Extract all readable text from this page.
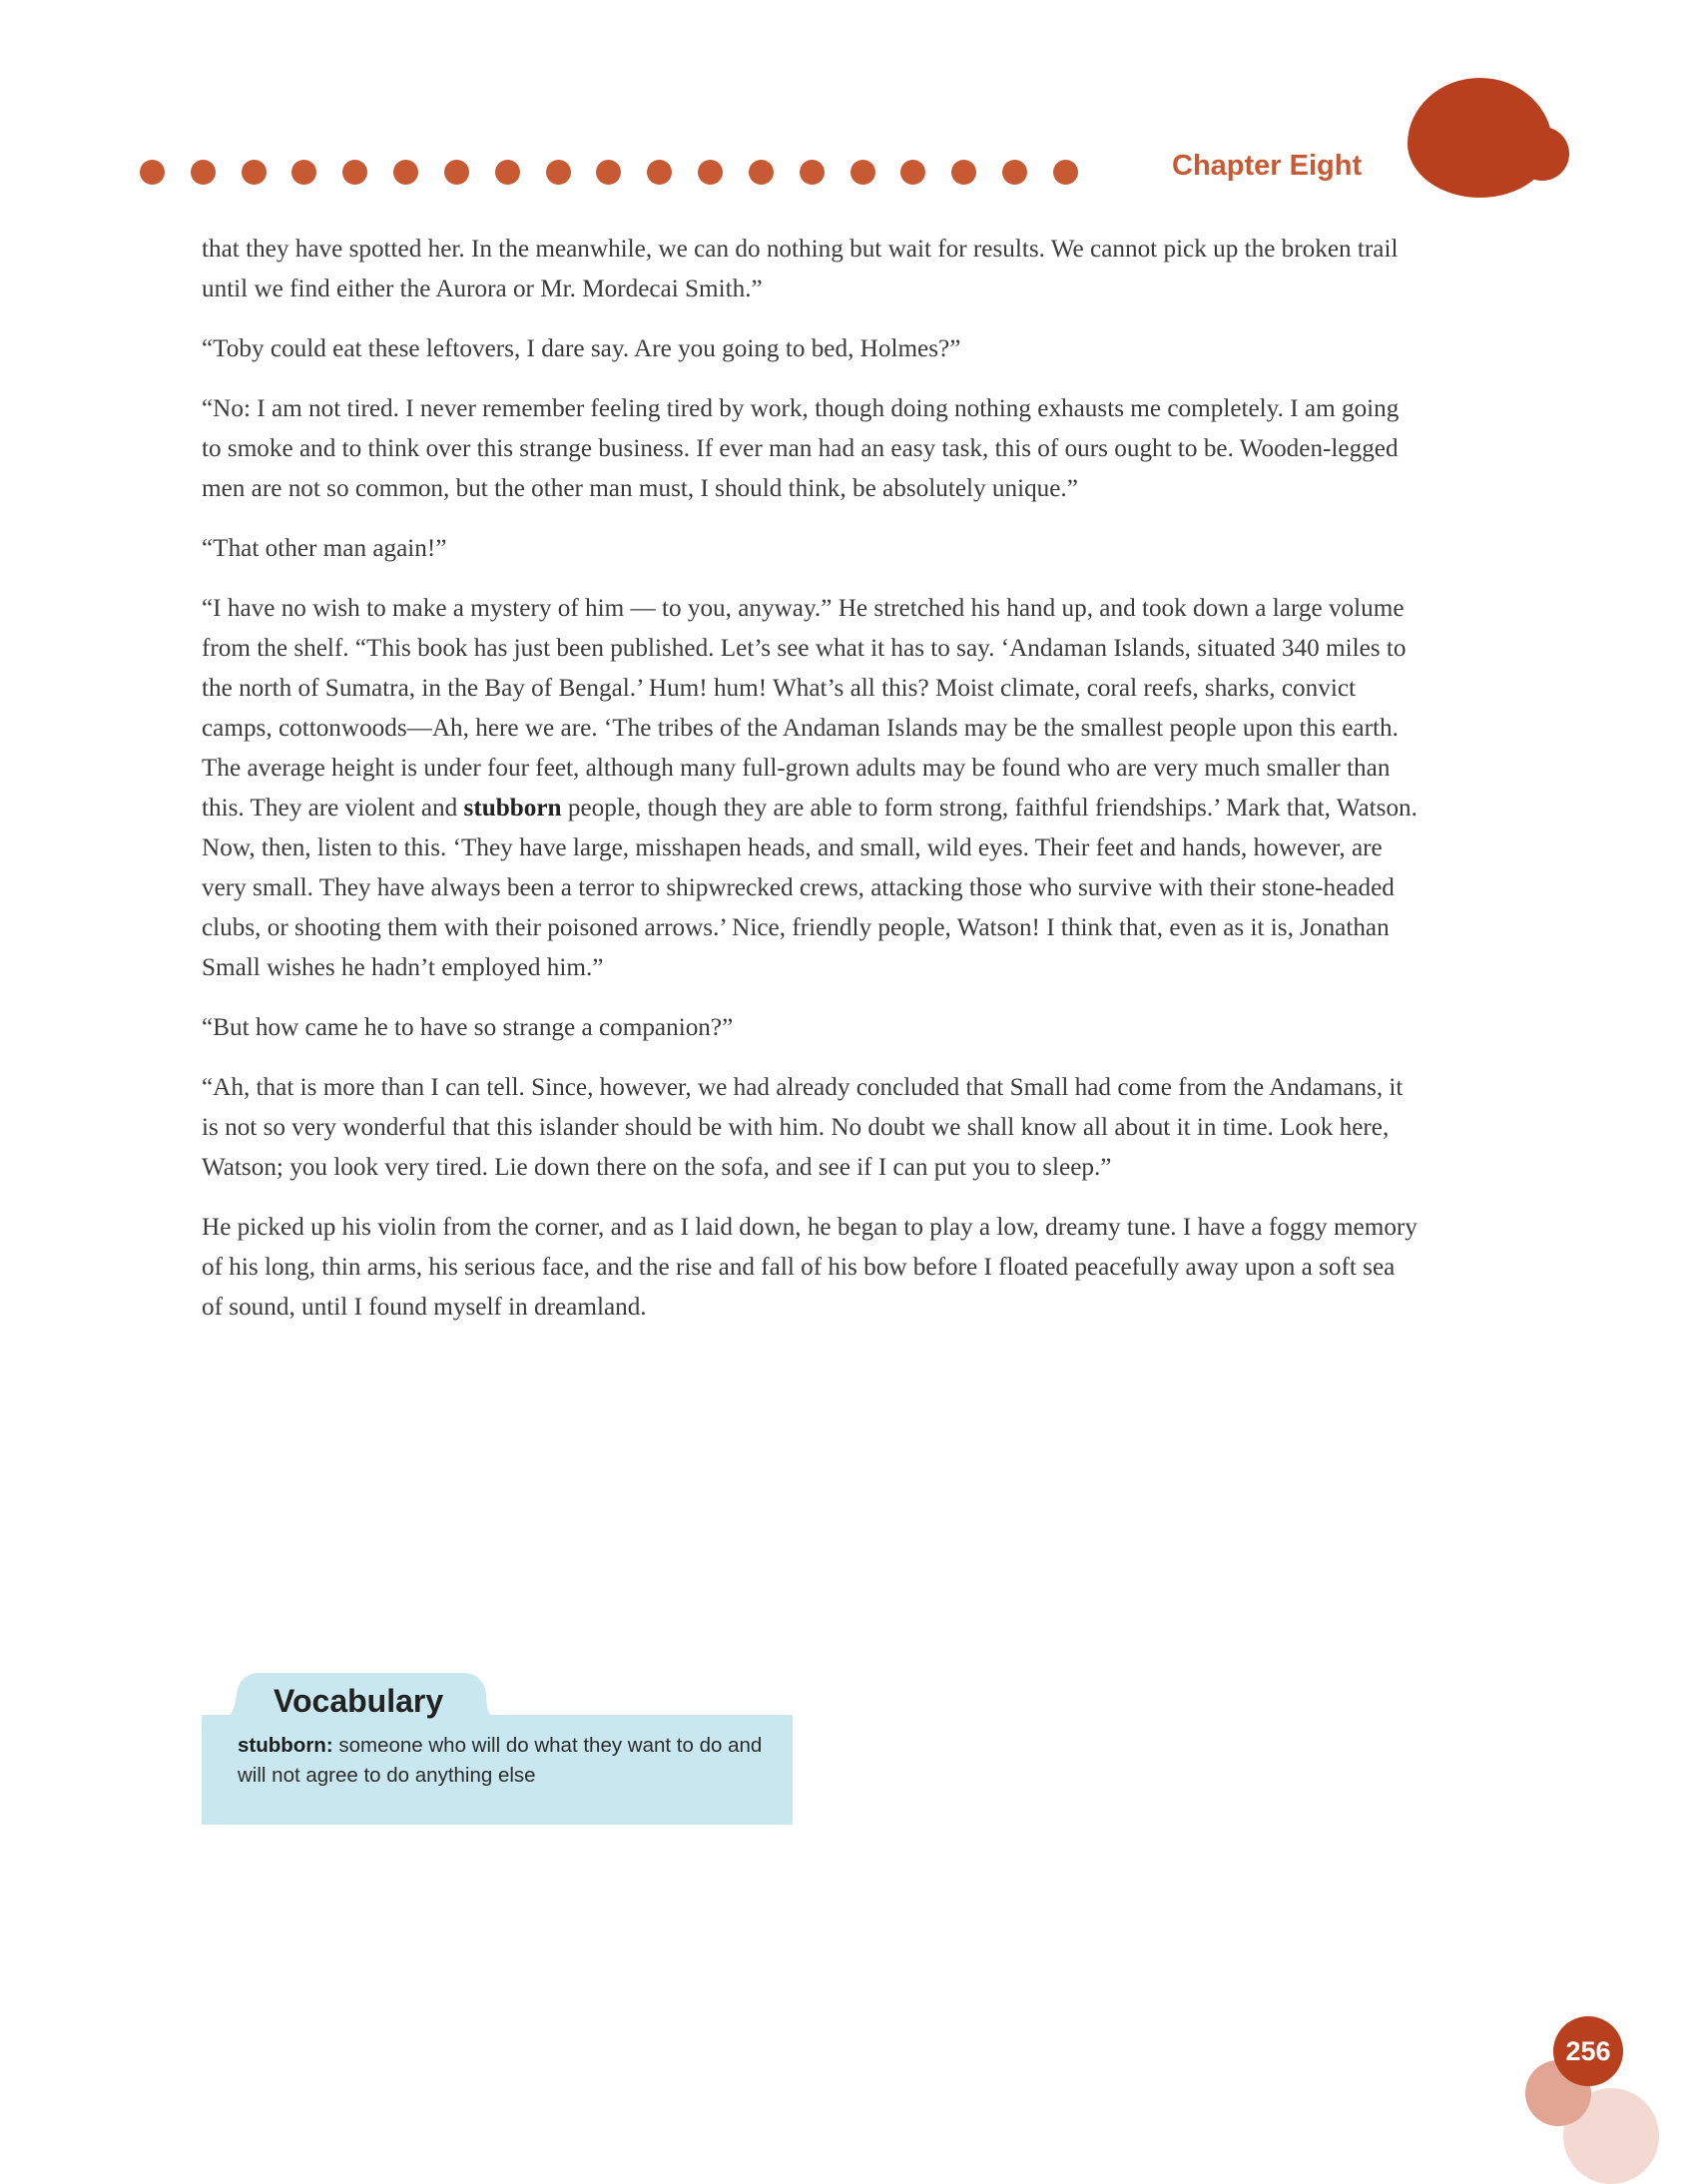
Chapter Eight

that they have spotted her. In the meanwhile, we can do nothing but wait for results. We cannot pick up the broken trail until we find either the Aurora or Mr. Mordecai Smith.”

“Toby could eat these leftovers, I dare say. Are you going to bed, Holmes?”

“No: I am not tired. I never remember feeling tired by work, though doing nothing exhausts me completely. I am going to smoke and to think over this strange business. If ever man had an easy task, this of ours ought to be. Wooden-legged men are not so common, but the other man must, I should think, be absolutely unique.”

“That other man again!”

“I have no wish to make a mystery of him — to you, anyway.” He stretched his hand up, and took down a large volume from the shelf. “This book has just been published. Let’s see what it has to say. ‘Andaman Islands, situated 340 miles to the north of Sumatra, in the Bay of Bengal.’ Hum! hum! What’s all this? Moist climate, coral reefs, sharks, convict camps, cottonwoods—Ah, here we are. ‘The tribes of the Andaman Islands may be the smallest people upon this earth. The average height is under four feet, although many full-grown adults may be found who are very much smaller than this. They are violent and stubborn people, though they are able to form strong, faithful friendships.’ Mark that, Watson. Now, then, listen to this. ‘They have large, misshapen heads, and small, wild eyes. Their feet and hands, however, are very small. They have always been a terror to shipwrecked crews, attacking those who survive with their stone-headed clubs, or shooting them with their poisoned arrows.’ Nice, friendly people, Watson! I think that, even as it is, Jonathan Small wishes he hadn’t employed him.”

“But how came he to have so strange a companion?”

“Ah, that is more than I can tell. Since, however, we had already concluded that Small had come from the Andamans, it is not so very wonderful that this islander should be with him. No doubt we shall know all about it in time. Look here, Watson; you look very tired. Lie down there on the sofa, and see if I can put you to sleep.”

He picked up his violin from the corner, and as I laid down, he began to play a low, dreamy tune. I have a foggy memory of his long, thin arms, his serious face, and the rise and fall of his bow before I floated peacefully away upon a soft sea of sound, until I found myself in dreamland.

Vocabulary
stubborn: someone who will do what they want to do and will not agree to do anything else
256
